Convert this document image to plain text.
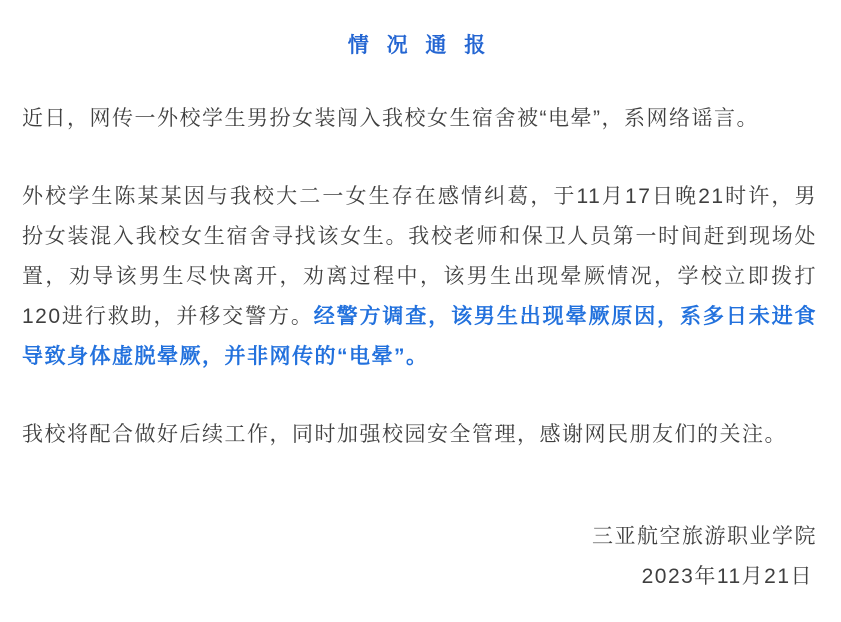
情 况 通 报

近日，网传一外校学生男扮女装闯入我校女生宿舍被“电晕”，系网络谣言。

外校学生陈某某因与我校大二一女生存在感情纠葛，于11月17日晚21时许，男扮女装混入我校女生宿舍寻找该女生。我校老师和保卫人员第一时间赶到现场处置，劝导该男生尽快离开，劝离过程中，该男生出现晕厥情况，学校立即拨打120进行救助，并移交警方。经警方调查，该男生出现晕厥原因，系多日未进食导致身体虚脱晕厥，并非网传的“电晕”。

我校将配合做好后续工作，同时加强校园安全管理，感谢网民朋友们的关注。

三亚航空旅游职业学院

2023年11月21日
